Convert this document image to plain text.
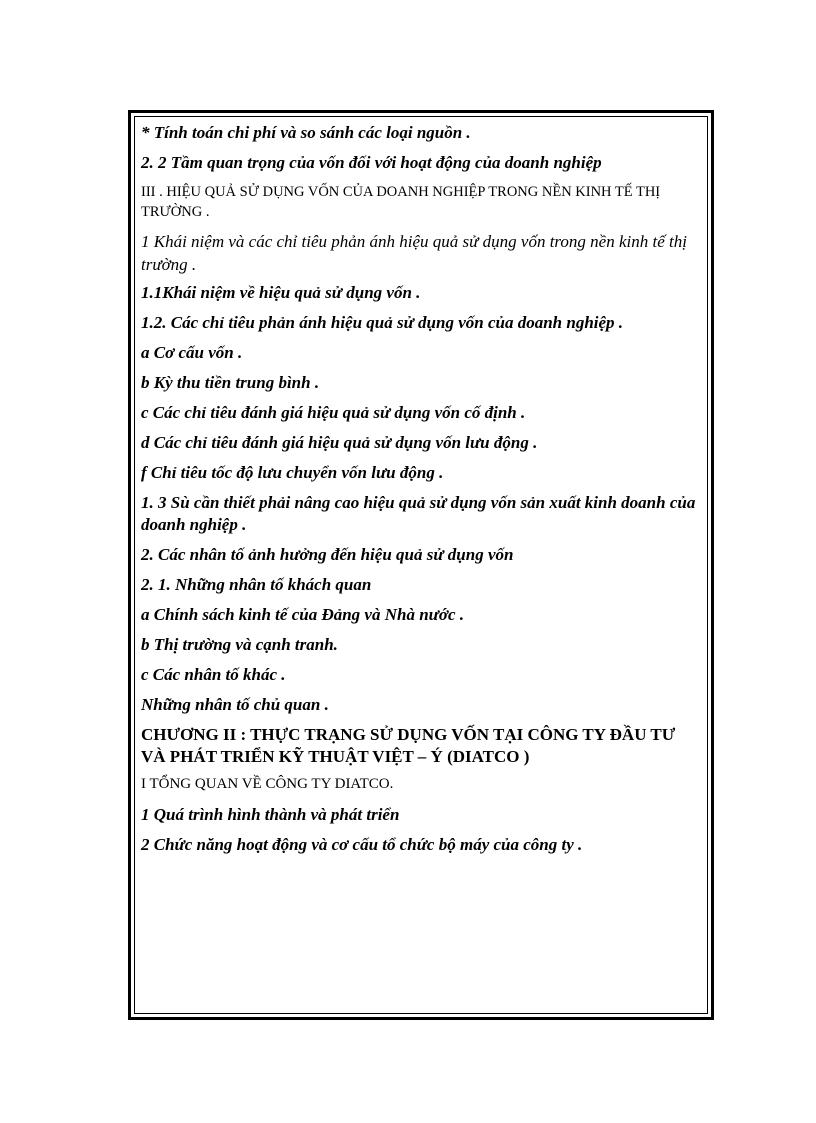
* Tính toán chi phí và so sánh các loại nguồn .

2. 2 Tầm quan trọng của vốn đối với hoạt động của doanh nghiệp

III . HIỆU QUẢ SỬ DỤNG VỐN CỦA DOANH NGHIỆP TRONG NỀN KINH TẾ THỊ TRƯỜNG .

1 Khái niệm và các chỉ tiêu phản ánh hiệu quả sử dụng vốn trong nền kinh tế thị trường .

1.1Khái niệm về hiệu quả sử dụng vốn .

1.2. Các chỉ tiêu phản ánh hiệu quả sử dụng vốn của doanh nghiệp .

a Cơ cấu vốn .

b Kỳ thu tiền trung bình .

c Các chỉ tiêu đánh giá hiệu quả sử dụng vốn cố định .

d Các chỉ tiêu đánh giá hiệu quả sử dụng vốn lưu động .

f Chỉ tiêu tốc độ lưu chuyển vốn lưu động .

1. 3 Sù cần thiết phải nâng cao hiệu quả sử dụng vốn sản xuất kinh doanh của doanh nghiệp .

2. Các nhân tố ảnh hưởng đến hiệu quả sử dụng vốn

2. 1. Những nhân tố khách quan

a Chính sách kinh tế của Đảng và Nhà nước .

b Thị trường và cạnh tranh.

c Các nhân tố khác .

Những nhân tố chủ quan .

CHƯƠNG II : THỰC TRẠNG SỬ DỤNG VỐN TẠI CÔNG TY ĐẦU TƯ VÀ PHÁT TRIỂN KỸ THUẬT VIỆT – Ý (DIATCO )

I TỔNG QUAN VỀ CÔNG TY DIATCO.

1 Quá trình hình thành và phát triển

2 Chức năng hoạt động và cơ cấu tổ chức bộ máy của công ty .
